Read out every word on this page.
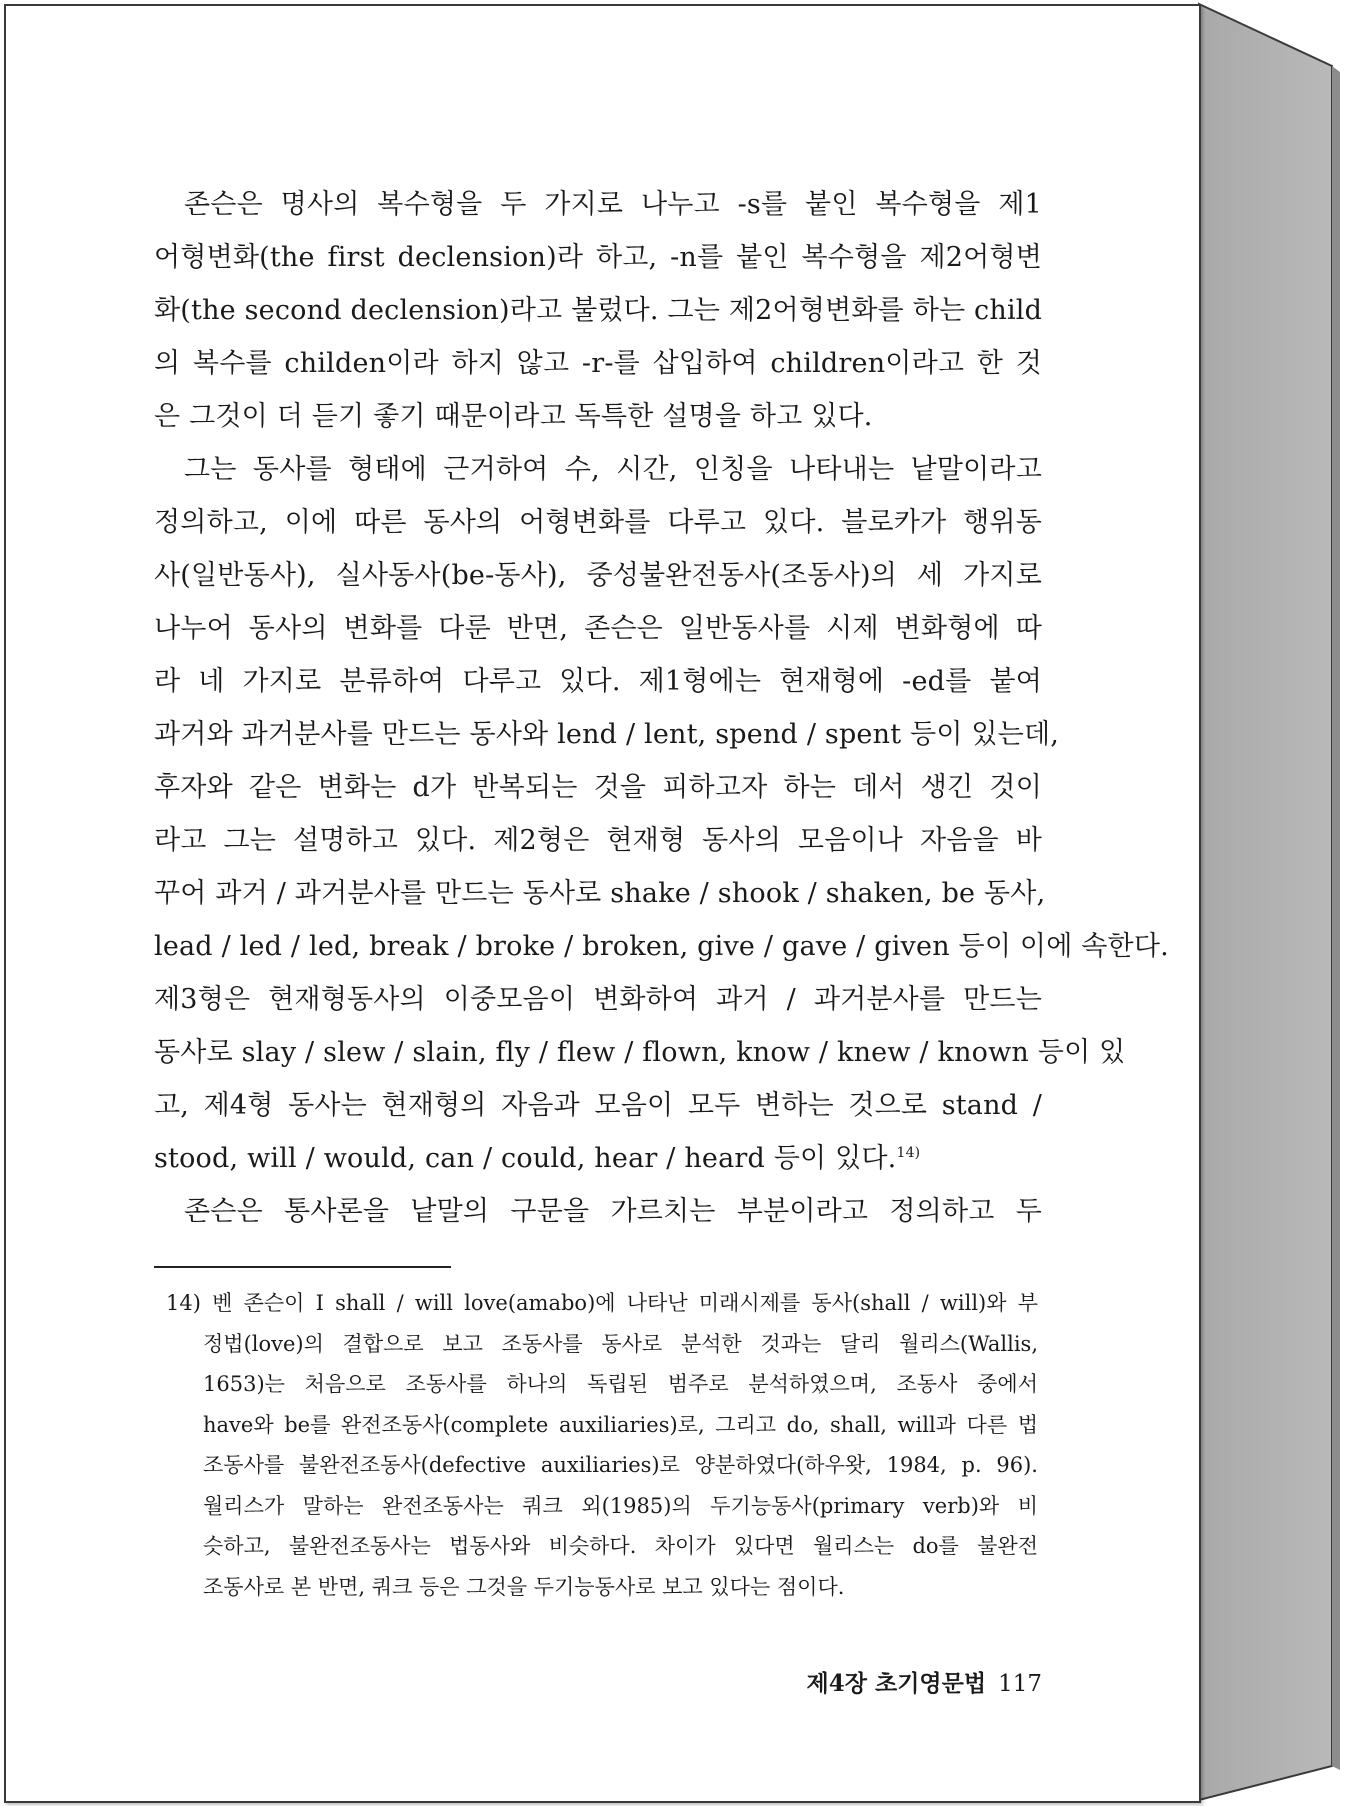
존슨은 명사의 복수형을 두 가지로 나누고 -s를 붙인 복수형을 제1
어형변화(the first declension)라 하고, -n를 붙인 복수형을 제2어형변
화(the second declension)라고 불렀다. 그는 제2어형변화를 하는 child
의 복수를 childen이라 하지 않고 -r-를 삽입하여 children이라고 한 것
은 그것이 더 듣기 좋기 때문이라고 독특한 설명을 하고 있다.
그는 동사를 형태에 근거하여 수, 시간, 인칭을 나타내는 낱말이라고
정의하고, 이에 따른 동사의 어형변화를 다루고 있다. 블로카가 행위동
사(일반동사), 실사동사(be-동사), 중성불완전동사(조동사)의 세 가지로
나누어 동사의 변화를 다룬 반면, 존슨은 일반동사를 시제 변화형에 따
라 네 가지로 분류하여 다루고 있다. 제1형에는 현재형에 -ed를 붙여
과거와 과거분사를 만드는 동사와 lend / lent, spend / spent 등이 있는데,
후자와 같은 변화는 d가 반복되는 것을 피하고자 하는 데서 생긴 것이
라고 그는 설명하고 있다. 제2형은 현재형 동사의 모음이나 자음을 바
꾸어 과거 / 과거분사를 만드는 동사로 shake / shook / shaken, be 동사,
lead / led / led, break / broke / broken, give / gave / given 등이 이에 속한다.
제3형은 현재형동사의 이중모음이 변화하여 과거 / 과거분사를 만드는
동사로 slay / slew / slain, fly / flew / flown, know / knew / known 등이 있
고, 제4형 동사는 현재형의 자음과 모음이 모두 변하는 것으로 stand /
stood, will / would, can / could, hear / heard 등이 있다.$^{14)}$
존슨은 통사론을 낱말의 구문을 가르치는 부분이라고 정의하고 두
14) 벤 존슨이 I shall / will love(amabo)에 나타난 미래시제를 동사(shall / will)와 부
정법(love)의 결합으로 보고 조동사를 동사로 분석한 것과는 달리 월리스(Wallis,
1653)는 처음으로 조동사를 하나의 독립된 범주로 분석하였으며, 조동사 중에서
have와 be를 완전조동사(complete auxiliaries)로, 그리고 do, shall, will과 다른 법
조동사를 불완전조동사(defective auxiliaries)로 양분하였다(하우왓, 1984, p. 96).
월리스가 말하는 완전조동사는 쿼크 외(1985)의 두기능동사(primary verb)와 비
슷하고, 불완전조동사는 법동사와 비슷하다. 차이가 있다면 월리스는 do를 불완전
조동사로 본 반면, 쿼크 등은 그것을 두기능동사로 보고 있다는 점이다.
제4장 초기영문법 117
